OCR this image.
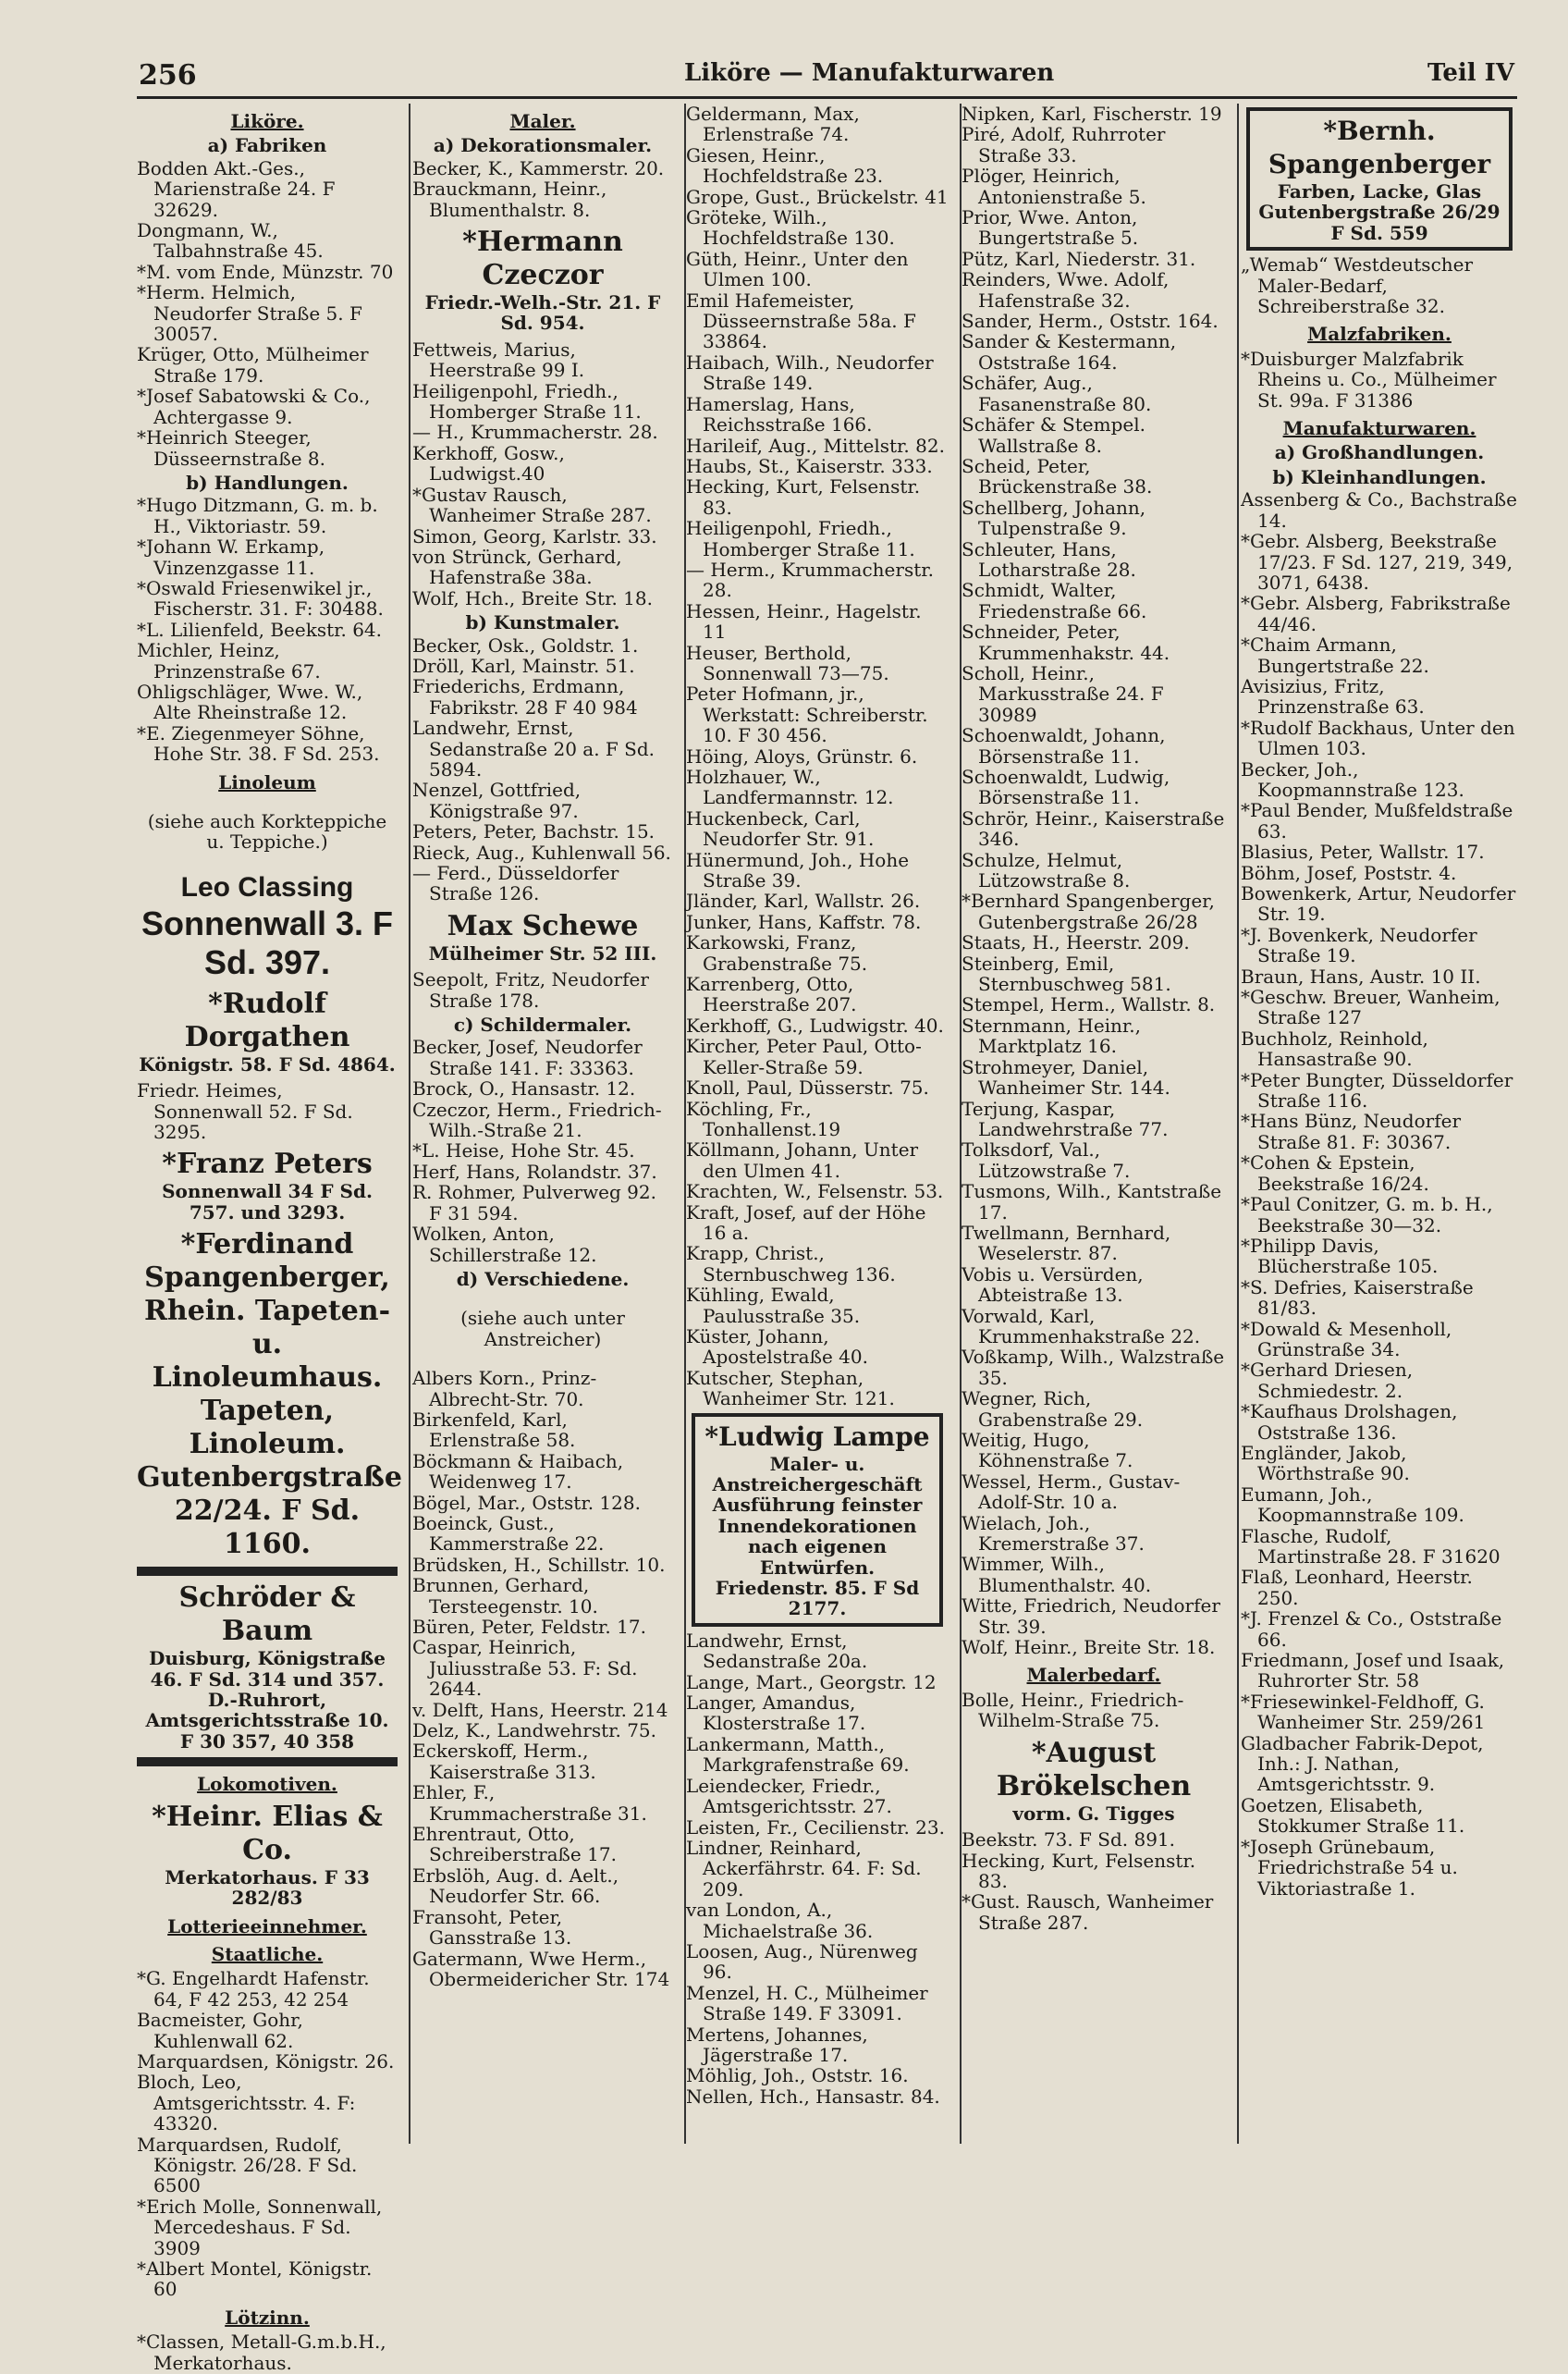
256	Liköre — Manufakturwaren	Teil IV

Liköre.

a) Fabriken

Bodden Akt.-Ges., Marienstraße 24. F 32629.

Dongmann, W., Talbahnstraße 45.

*M. vom Ende, Münzstr. 70

*Herm. Helmich, Neudorfer Straße 5. F 30057.

Krüger, Otto, Mülheimer Straße 179.

*Josef Sabatowski & Co., Achtergasse 9.

*Heinrich Steeger, Düsseernstraße 8.

b) Handlungen.

*Hugo Ditzmann, G. m. b. H., Viktoriastr. 59.

*Johann W. Erkamp, Vinzenzgasse 11.

*Oswald Friesenwikel jr., Fischerstr. 31. F: 30488.

*L. Lilienfeld, Beekstr. 64.

Michler, Heinz, Prinzenstraße 67.

Ohligschläger, Wwe. W., Alte Rheinstraße 12.

*E. Ziegenmeyer Söhne, Hohe Str. 38. F Sd. 253.

Linoleum

(siehe auch Korkteppiche u. Teppiche.)

Leo Classing
Sonnenwall 3. F Sd. 397.
*Rudolf Dorgathen
Königstr. 58. F Sd. 4864.

Friedr. Heimes, Sonnenwall 52. F Sd. 3295.

*Franz Peters
Sonnenwall 34 F Sd. 757. und 3293.
*Ferdinand Spangenberger, Rhein. Tapeten- u. Linoleumhaus. Tapeten, Linoleum. Gutenbergstraße 22/24. F Sd. 1160.
Schröder & Baum
Duisburg, Königstraße 46. F Sd. 314 und 357.
D.-Ruhrort, Amtsgerichtsstraße 10. F 30 357, 40 358

Lokomotiven.

*Heinr. Elias & Co.
Merkatorhaus. F 33 282/83

Lotterieeinnehmer.

Staatliche.

*G. Engelhardt Hafenstr. 64, F 42 253, 42 254

Bacmeister, Gohr, Kuhlenwall 62.

Marquardsen, Königstr. 26.

Bloch, Leo, Amtsgerichtsstr. 4. F: 43320.

Marquardsen, Rudolf, Königstr. 26/28. F Sd. 6500

*Erich Molle, Sonnenwall, Mercedeshaus. F Sd. 3909

*Albert Montel, Königstr. 60

Lötzinn.

*Classen, Metall-G.m.b.H., Merkatorhaus.

Maler.

a) Dekorationsmaler.

Becker, K., Kammerstr. 20.

Brauckmann, Heinr., Blumenthalstr. 8.

*Hermann Czeczor
Friedr.-Welh.-Str. 21. F Sd. 954.

Fettweis, Marius, Heerstraße 99 I.

Heiligenpohl, Friedh., Homberger Straße 11.

— H., Krummacherstr. 28.

Kerkhoff, Gosw., Ludwigst.40

*Gustav Rausch, Wanheimer Straße 287.

Simon, Georg, Karlstr. 33.

von Strünck, Gerhard, Hafenstraße 38a.

Wolf, Hch., Breite Str. 18.

b) Kunstmaler.

Becker, Osk., Goldstr. 1.

Dröll, Karl, Mainstr. 51.

Friederichs, Erdmann, Fabrikstr. 28 F 40 984

Landwehr, Ernst, Sedanstraße 20 a. F Sd. 5894.

Nenzel, Gottfried, Königstraße 97.

Peters, Peter, Bachstr. 15.

Rieck, Aug., Kuhlenwall 56.

— Ferd., Düsseldorfer Straße 126.

Max Schewe
Mülheimer Str. 52 III.

Seepolt, Fritz, Neudorfer Straße 178.

c) Schildermaler.

Becker, Josef, Neudorfer Straße 141. F: 33363.

Brock, O., Hansastr. 12.

Czeczor, Herm., Friedrich-Wilh.-Straße 21.

*L. Heise, Hohe Str. 45.

Herf, Hans, Rolandstr. 37.

R. Rohmer, Pulverweg 92. F 31 594.

Wolken, Anton, Schillerstraße 12.

d) Verschiedene.

(siehe auch unter Anstreicher)

Albers Korn., Prinz-Albrecht-Str. 70.

Birkenfeld, Karl, Erlenstraße 58.

Böckmann & Haibach, Weidenweg 17.

Bögel, Mar., Oststr. 128.

Boeinck, Gust., Kammerstraße 22.

Brüdsken, H., Schillstr. 10.

Brunnen, Gerhard, Tersteegenstr. 10.

Büren, Peter, Feldstr. 17.

Caspar, Heinrich, Juliusstraße 53. F: Sd. 2644.

v. Delft, Hans, Heerstr. 214

Delz, K., Landwehrstr. 75.

Eckerskoff, Herm., Kaiserstraße 313.

Ehler, F., Krummacherstraße 31.

Ehrentraut, Otto, Schreiberstraße 17.

Erbslöh, Aug. d. Aelt., Neudorfer Str. 66.

Fransoht, Peter, Gansstraße 13.

Gatermann, Wwe Herm., Obermeidericher Str. 174

Geldermann, Max, Erlenstraße 74.

Giesen, Heinr., Hochfeldstraße 23.

Grope, Gust., Brückelstr. 41

Gröteke, Wilh., Hochfeldstraße 130.

Güth, Heinr., Unter den Ulmen 100.

Emil Hafemeister, Düsseernstraße 58a. F 33864.

Haibach, Wilh., Neudorfer Straße 149.

Hamerslag, Hans, Reichsstraße 166.

Harileif, Aug., Mittelstr. 82.

Haubs, St., Kaiserstr. 333.

Hecking, Kurt, Felsenstr. 83.

Heiligenpohl, Friedh., Homberger Straße 11.

— Herm., Krummacherstr. 28.

Hessen, Heinr., Hagelstr. 11

Heuser, Berthold, Sonnenwall 73—75.

Peter Hofmann, jr., Werkstatt: Schreiberstr. 10. F 30 456.

Höing, Aloys, Grünstr. 6.

Holzhauer, W., Landfermannstr. 12.

Huckenbeck, Carl, Neudorfer Str. 91.

Hünermund, Joh., Hohe Straße 39.

Jländer, Karl, Wallstr. 26.

Junker, Hans, Kaffstr. 78.

Karkowski, Franz, Grabenstraße 75.

Karrenberg, Otto, Heerstraße 207.

Kerkhoff, G., Ludwigstr. 40.

Kircher, Peter Paul, Otto-Keller-Straße 59.

Knoll, Paul, Düsserstr. 75.

Köchling, Fr., Tonhallenst.19

Köllmann, Johann, Unter den Ulmen 41.

Krachten, W., Felsenstr. 53.

Kraft, Josef, auf der Höhe 16 a.

Krapp, Christ., Sternbuschweg 136.

Kühling, Ewald, Paulusstraße 35.

Küster, Johann, Apostelstraße 40.

Kutscher, Stephan, Wanheimer Str. 121.

*Ludwig Lampe
Maler- u. Anstreichergeschäft Ausführung feinster Innendekorationen nach eigenen Entwürfen.
Friedenstr. 85. F Sd 2177.

Landwehr, Ernst, Sedanstraße 20a.

Lange, Mart., Georgstr. 12

Langer, Amandus, Klosterstraße 17.

Lankermann, Matth., Markgrafenstraße 69.

Leiendecker, Friedr., Amtsgerichtsstr. 27.

Leisten, Fr., Cecilienstr. 23.

Lindner, Reinhard, Ackerfährstr. 64. F: Sd. 209.

van London, A., Michaelstraße 36.

Loosen, Aug., Nürenweg 96.

Menzel, H. C., Mülheimer Straße 149. F 33091.

Mertens, Johannes, Jägerstraße 17.

Möhlig, Joh., Oststr. 16.

Nellen, Hch., Hansastr. 84.

Nipken, Karl, Fischerstr. 19

Piré, Adolf, Ruhrroter Straße 33.

Plöger, Heinrich, Antonienstraße 5.

Prior, Wwe. Anton, Bungertstraße 5.

Pütz, Karl, Niederstr. 31.

Reinders, Wwe. Adolf, Hafenstraße 32.

Sander, Herm., Oststr. 164.

Sander & Kestermann, Oststraße 164.

Schäfer, Aug., Fasanenstraße 80.

Schäfer & Stempel. Wallstraße 8.

Scheid, Peter, Brückenstraße 38.

Schellberg, Johann, Tulpenstraße 9.

Schleuter, Hans, Lotharstraße 28.

Schmidt, Walter, Friedenstraße 66.

Schneider, Peter, Krummenhakstr. 44.

Scholl, Heinr., Markusstraße 24. F 30989

Schoenwaldt, Johann, Börsenstraße 11.

Schoenwaldt, Ludwig, Börsenstraße 11.

Schrör, Heinr., Kaiserstraße 346.

Schulze, Helmut, Lützowstraße 8.

*Bernhard Spangenberger, Gutenbergstraße 26/28

Staats, H., Heerstr. 209.

Steinberg, Emil, Sternbuschweg 581.

Stempel, Herm., Wallstr. 8.

Sternmann, Heinr., Marktplatz 16.

Strohmeyer, Daniel, Wanheimer Str. 144.

Terjung, Kaspar, Landwehrstraße 77.

Tolksdorf, Val., Lützowstraße 7.

Tusmons, Wilh., Kantstraße 17.

Twellmann, Bernhard, Weselerstr. 87.

Vobis u. Versürden, Abteistraße 13.

Vorwald, Karl, Krummenhakstraße 22.

Voßkamp, Wilh., Walzstraße 35.

Wegner, Rich, Grabenstraße 29.

Weitig, Hugo, Köhnenstraße 7.

Wessel, Herm., Gustav-Adolf-Str. 10 a.

Wielach, Joh., Kremerstraße 37.

Wimmer, Wilh., Blumenthalstr. 40.

Witte, Friedrich, Neudorfer Str. 39.

Wolf, Heinr., Breite Str. 18.

Malerbedarf.

Bolle, Heinr., Friedrich-Wilhelm-Straße 75.

*August Brökelschen
vorm. G. Tigges

Beekstr. 73. F Sd. 891.

Hecking, Kurt, Felsenstr. 83.

*Gust. Rausch, Wanheimer Straße 287.

*Bernh. Spangenberger
Farben, Lacke, Glas Gutenbergstraße 26/29
F Sd. 559

„Wemab“ Westdeutscher Maler-Bedarf, Schreiberstraße 32.

Malzfabriken.

*Duisburger Malzfabrik Rheins u. Co., Mülheimer St. 99a. F 31386

Manufakturwaren.

a) Großhandlungen.

b) Kleinhandlungen.

Assenberg & Co., Bachstraße 14.

*Gebr. Alsberg, Beekstraße 17/23. F Sd. 127, 219, 349, 3071, 6438.

*Gebr. Alsberg, Fabrikstraße 44/46.

*Chaim Armann, Bungertstraße 22.

Avisizius, Fritz, Prinzenstraße 63.

*Rudolf Backhaus, Unter den Ulmen 103.

Becker, Joh., Koopmannstraße 123.

*Paul Bender, Mußfeldstraße 63.

Blasius, Peter, Wallstr. 17.

Böhm, Josef, Poststr. 4.

Bowenkerk, Artur, Neudorfer Str. 19.

*J. Bovenkerk, Neudorfer Straße 19.

Braun, Hans, Austr. 10 II.

*Geschw. Breuer, Wanheim, Straße 127

Buchholz, Reinhold, Hansastraße 90.

*Peter Bungter, Düsseldorfer Straße 116.

*Hans Bünz, Neudorfer Straße 81. F: 30367.

*Cohen & Epstein, Beekstraße 16/24.

*Paul Conitzer, G. m. b. H., Beekstraße 30—32.

*Philipp Davis, Blücherstraße 105.

*S. Defries, Kaiserstraße 81/83.

*Dowald & Mesenholl, Grünstraße 34.

*Gerhard Driesen, Schmiedestr. 2.

*Kaufhaus Drolshagen, Oststraße 136.

Engländer, Jakob, Wörthstraße 90.

Eumann, Joh., Koopmannstraße 109.

Flasche, Rudolf, Martinstraße 28. F 31620

Flaß, Leonhard, Heerstr. 250.

*J. Frenzel & Co., Oststraße 66.

Friedmann, Josef und Isaak, Ruhrorter Str. 58

*Friesewinkel-Feldhoff, G. Wanheimer Str. 259/261

Gladbacher Fabrik-Depot, Inh.: J. Nathan, Amtsgerichtsstr. 9.

Goetzen, Elisabeth, Stokkumer Straße 11.

*Joseph Grünebaum, Friedrichstraße 54 u. Viktoriastraße 1.
